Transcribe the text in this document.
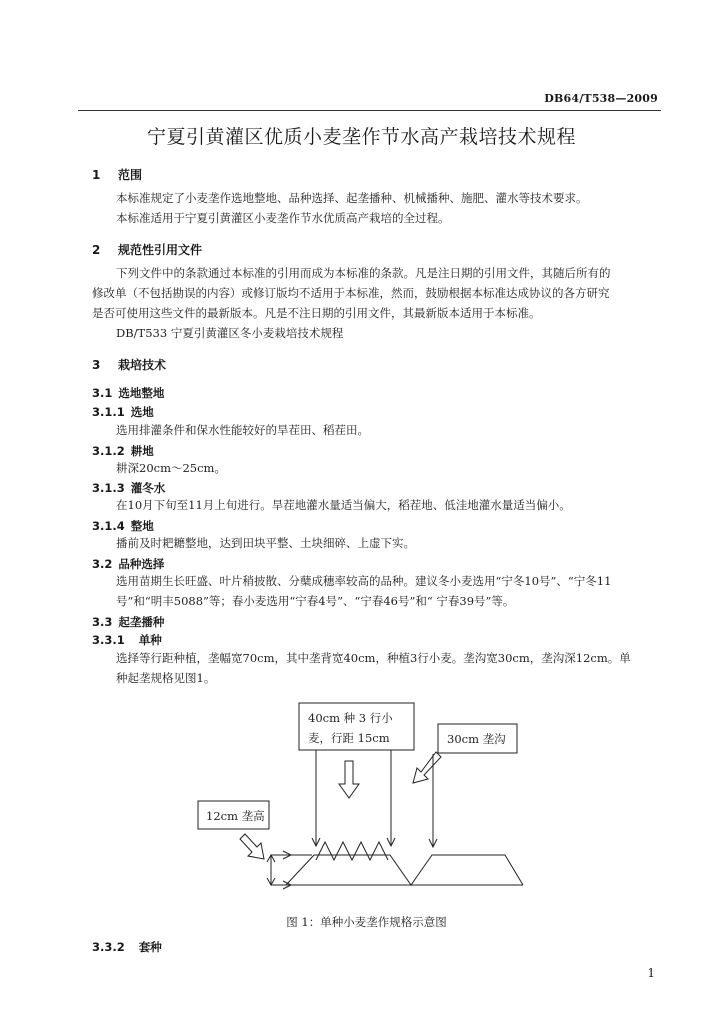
DB64/T538—2009
宁夏引黄灌区优质小麦垄作节水高产栽培技术规程
1 范围
本标准规定了小麦垄作选地整地、品种选择、起垄播种、机械播种、施肥、灌水等技术要求。
本标准适用于宁夏引黄灌区小麦垄作节水优质高产栽培的全过程。
2 规范性引用文件
下列文件中的条款通过本标准的引用而成为本标准的条款。凡是注日期的引用文件，其随后所有的
修改单（不包括勘误的内容）或修订版均不适用于本标准，然而，鼓励根据本标准达成协议的各方研究
是否可使用这些文件的最新版本。凡是不注日期的引用文件，其最新版本适用于本标准。
DB/T533 宁夏引黄灌区冬小麦栽培技术规程
3 栽培技术
3.1 选地整地
3.1.1 选地
选用排灌条件和保水性能较好的旱茬田、稻茬田。
3.1.2 耕地
耕深20cm～25cm。
3.1.3 灌冬水
在10月下旬至11月上旬进行。旱茬地灌水量适当偏大，稻茬地、低洼地灌水量适当偏小。
3.1.4 整地
播前及时耙耱整地，达到田块平整、土块细碎、上虚下实。
3.2 品种选择
选用苗期生长旺盛、叶片稍披散、分蘖成穗率较高的品种。建议冬小麦选用“宁冬10号”、“宁冬11
号”和“明丰5088”等；春小麦选用“宁春4号”、“宁春46号”和“ 宁春39号”等。
3.3 起垄播种
3.3.1 单种
选择等行距种植，垄幅宽70cm，其中垄背宽40cm，种植3行小麦。垄沟宽30cm，垄沟深12cm。单
种起垄规格见图1。
40cm 种 3 行小
麦，行距 15cm	30cm 垄沟
12cm 垄高
图 1：单种小麦垄作规格示意图
3.3.2 套种
1
